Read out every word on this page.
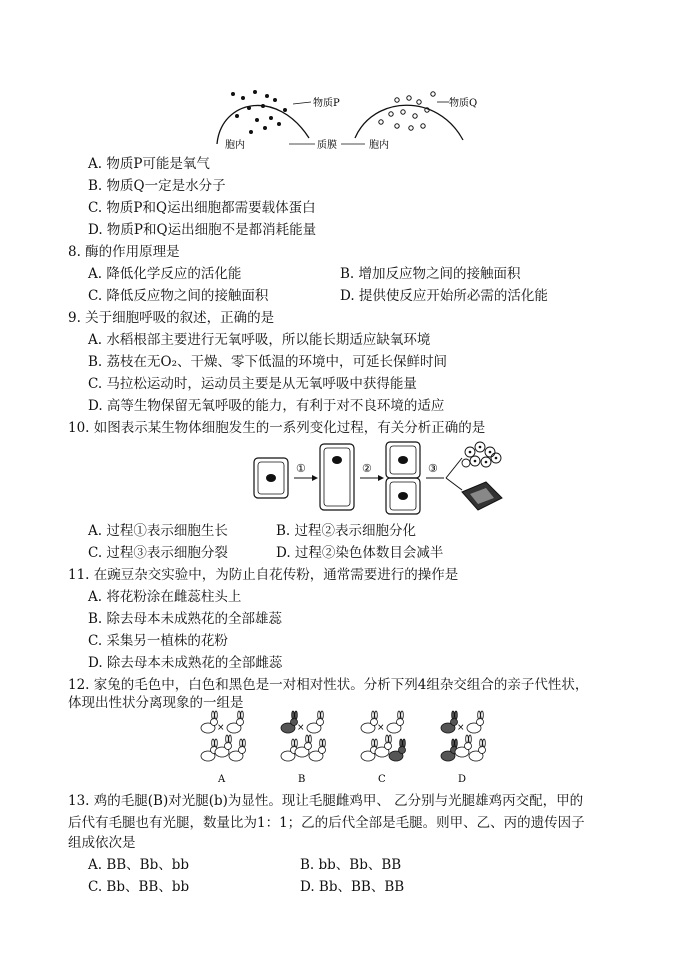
物质P	物质Q
胞内	质膜	胞内
A. 物质P可能是氧气
B. 物质Q一定是水分子
C. 物质P和Q运出细胞都需要载体蛋白
D. 物质P和Q运出细胞不是都消耗能量
8. 酶的作用原理是
A. 降低化学反应的活化能	B. 增加反应物之间的接触面积
C. 降低反应物之间的接触面积	D. 提供使反应开始所必需的活化能
9. 关于细胞呼吸的叙述，正确的是
A. 水稻根部主要进行无氧呼吸，所以能长期适应缺氧环境
B. 荔枝在无O₂、干燥、零下低温的环境中，可延长保鲜时间
C. 马拉松运动时，运动员主要是从无氧呼吸中获得能量
D. 高等生物保留无氧呼吸的能力，有利于对不良环境的适应
10. 如图表示某生物体细胞发生的一系列变化过程，有关分析正确的是
①	②	③
A. 过程①表示细胞生长	B. 过程②表示细胞分化
C. 过程③表示细胞分裂	D. 过程②染色体数目会减半
11. 在豌豆杂交实验中，为防止自花传粉，通常需要进行的操作是
A. 将花粉涂在雌蕊柱头上
B. 除去母本未成熟花的全部雄蕊
C. 采集另一植株的花粉
D. 除去母本未成熟花的全部雌蕊
12. 家兔的毛色中，白色和黑色是一对相对性状。分析下列4组杂交组合的亲子代性状，
体现出性状分离现象的一组是
×
A
×
B
×
C
×
D
13. 鸡的毛腿(B)对光腿(b)为显性。现让毛腿雌鸡甲、 乙分别与光腿雄鸡丙交配，甲的
后代有毛腿也有光腿，数量比为1：1；乙的后代全部是毛腿。则甲、乙、丙的遗传因子
组成依次是
A. BB、Bb、bb	B. bb、Bb、BB
C. Bb、BB、bb	D. Bb、BB、BB
